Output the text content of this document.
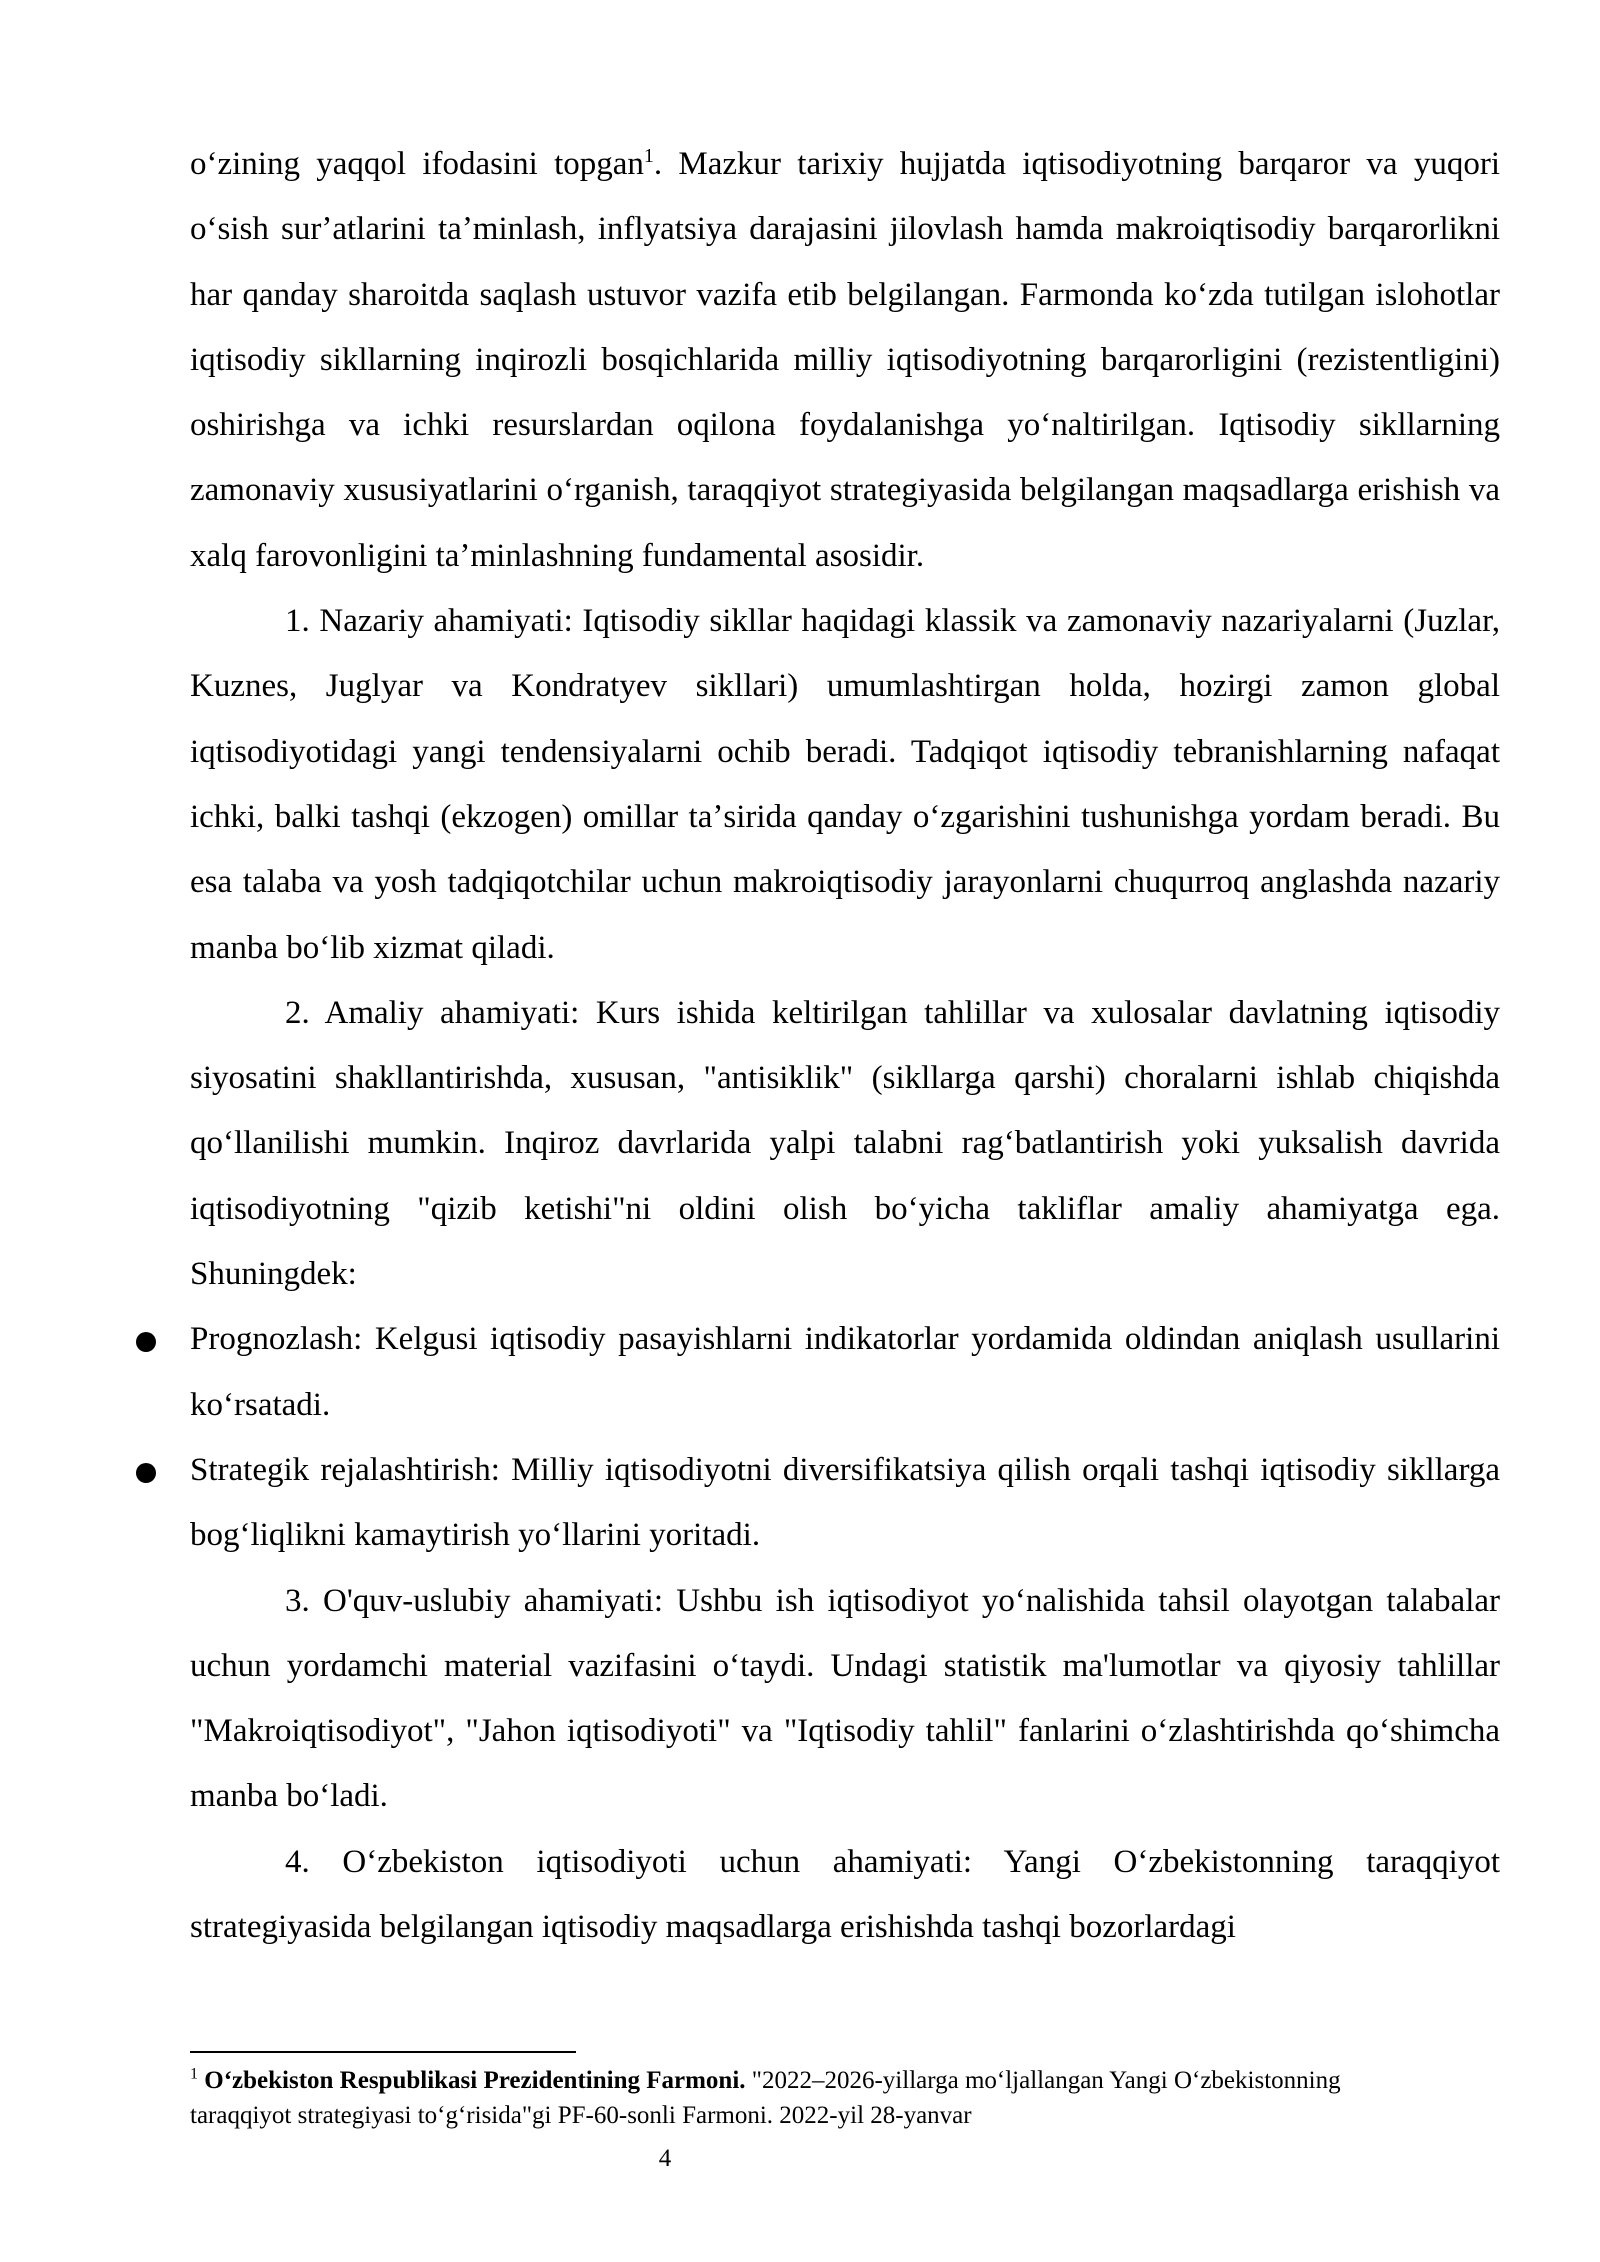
oʻzining yaqqol ifodasini topgan$^1$. Mazkur tarixiy hujjatda iqtisodiyotning barqaror va yuqori oʻsish surʼatlarini taʼminlash, inflyatsiya darajasini jilovlash hamda makroiqtisodiy barqarorlikni har qanday sharoitda saqlash ustuvor vazifa etib belgilangan. Farmonda koʻzda tutilgan islohotlar iqtisodiy sikllarning inqirozli bosqichlarida milliy iqtisodiyotning barqarorligini (rezistentligini) oshirishga va ichki resurslardan oqilona foydalanishga yoʻnaltirilgan. Iqtisodiy sikllarning zamonaviy xususiyatlarini oʻrganish, taraqqiyot strategiyasida belgilangan maqsadlarga erishish va xalq farovonligini taʼminlashning fundamental asosidir.

1. Nazariy ahamiyati: Iqtisodiy sikllar haqidagi klassik va zamonaviy nazariyalarni (Juzlar, Kuznes, Juglyar va Kondratyev sikllari) umumlashtirgan holda, hozirgi zamon global iqtisodiyotidagi yangi tendensiyalarni ochib beradi. Tadqiqot iqtisodiy tebranishlarning nafaqat ichki, balki tashqi (ekzogen) omillar taʼsirida qanday oʻzgarishini tushunishga yordam beradi. Bu esa talaba va yosh tadqiqotchilar uchun makroiqtisodiy jarayonlarni chuqurroq anglashda nazariy manba boʻlib xizmat qiladi.

2. Amaliy ahamiyati: Kurs ishida keltirilgan tahlillar va xulosalar davlatning iqtisodiy siyosatini shakllantirishda, xususan, "antisiklik" (sikllarga qarshi) choralarni ishlab chiqishda qoʻllanilishi mumkin. Inqiroz davrlarida yalpi talabni ragʻbatlantirish yoki yuksalish davrida iqtisodiyotning "qizib ketishi"ni oldini olish boʻyicha takliflar amaliy ahamiyatga ega. Shuningdek:

Prognozlash: Kelgusi iqtisodiy pasayishlarni indikatorlar yordamida oldindan aniqlash usullarini koʻrsatadi.

Strategik rejalashtirish: Milliy iqtisodiyotni diversifikatsiya qilish orqali tashqi iqtisodiy sikllarga bogʻliqlikni kamaytirish yoʻllarini yoritadi.

3. O'quv-uslubiy ahamiyati: Ushbu ish iqtisodiyot yoʻnalishida tahsil olayotgan talabalar uchun yordamchi material vazifasini oʻtaydi. Undagi statistik ma'lumotlar va qiyosiy tahlillar "Makroiqtisodiyot", "Jahon iqtisodiyoti" va "Iqtisodiy tahlil" fanlarini oʻzlashtirishda qoʻshimcha manba boʻladi.

4. Oʻzbekiston iqtisodiyoti uchun ahamiyati: Yangi Oʻzbekistonning taraqqiyot strategiyasida belgilangan iqtisodiy maqsadlarga erishishda tashqi bozorlardagi

$^1$ Oʻzbekiston Respublikasi Prezidentining Farmoni. "2022–2026-yillarga moʻljallangan Yangi Oʻzbekistonning taraqqiyot strategiyasi toʻgʻrisida"gi PF-60-sonli Farmoni. 2022-yil 28-yanvar

4
